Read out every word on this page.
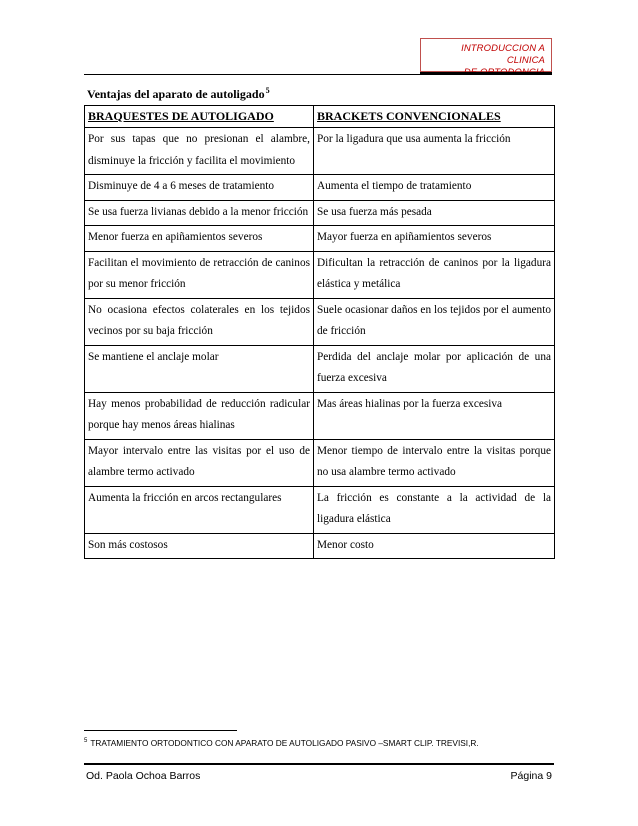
INTRODUCCION A CLINICA
Ventajas del aparato de autoligado$^5$
BRAQUESTES DE AUTOLIGADO	BRACKETS CONVENCIONALES
Por sus tapas que no presionan el alambre, disminuye la fricción y facilita el movimiento	Por la ligadura que usa aumenta la fricción
Disminuye de 4 a 6 meses de tratamiento	Aumenta el tiempo de tratamiento
Se usa fuerza livianas debido a la menor fricción	Se usa fuerza más pesada
Menor fuerza en apiñamientos severos	Mayor fuerza en apiñamientos severos
Facilitan el movimiento de retracción de caninos por su menor fricción	Dificultan la retracción de caninos por la ligadura elástica y metálica
No ocasiona efectos colaterales en los tejidos vecinos por su baja fricción	Suele ocasionar daños en los tejidos por el aumento de fricción
Se mantiene el anclaje molar	Perdida del anclaje molar por aplicación de una fuerza excesiva
Hay menos probabilidad de reducción radicular porque hay menos áreas hialinas	Mas áreas hialinas por la fuerza excesiva
Mayor intervalo entre las visitas por el uso de alambre termo activado	Menor tiempo de intervalo entre la visitas porque no usa alambre termo activado
Aumenta la fricción en arcos rectangulares	La fricción es constante a la actividad de la ligadura elástica
Son más costosos	Menor costo
$^5$ TRATAMIENTO ORTODONTICO CON APARATO DE AUTOLIGADO PASIVO –SMART CLIP. TREVISI,R.
Od. Paola Ochoa Barros	Página 9
